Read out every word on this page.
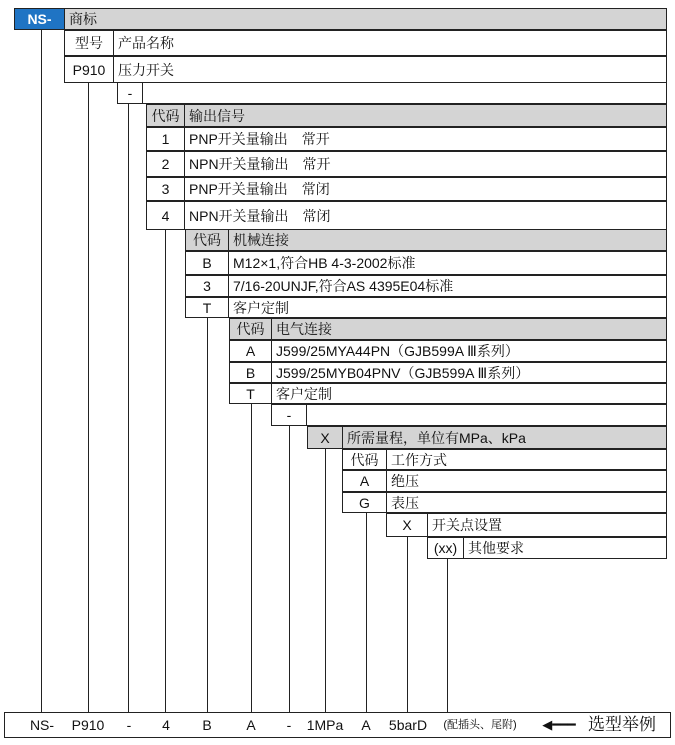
NS-	商标
型号	产品名称
P910 压力开关
-
代码 输出信号
1	PNP开关量输出　常开
2	NPN开关量输出　常开
3	PNP开关量输出　常闭
4	NPN开关量输出　常闭
代码 机械连接
B	M12×1,符合HB 4-3-2002标准
3	7/16-20UNJF,符合AS 4395E04标准
T	客户定制
代码 电气连接
A	J599/25MYA44PN（GJB599A Ⅲ系列）
B	J599/25MYB04PNV（GJB599A Ⅲ系列）
T	客户定制
-
X	所需量程，单位有MPa、kPa
代码 工作方式
A	绝压
G	表压
X	开关点设置
(xx) 其他要求
NS-	P910	-	4	B	A	-	1MPa	A	5barD	(配插头、尾附)	◀━━━ 选型举例
